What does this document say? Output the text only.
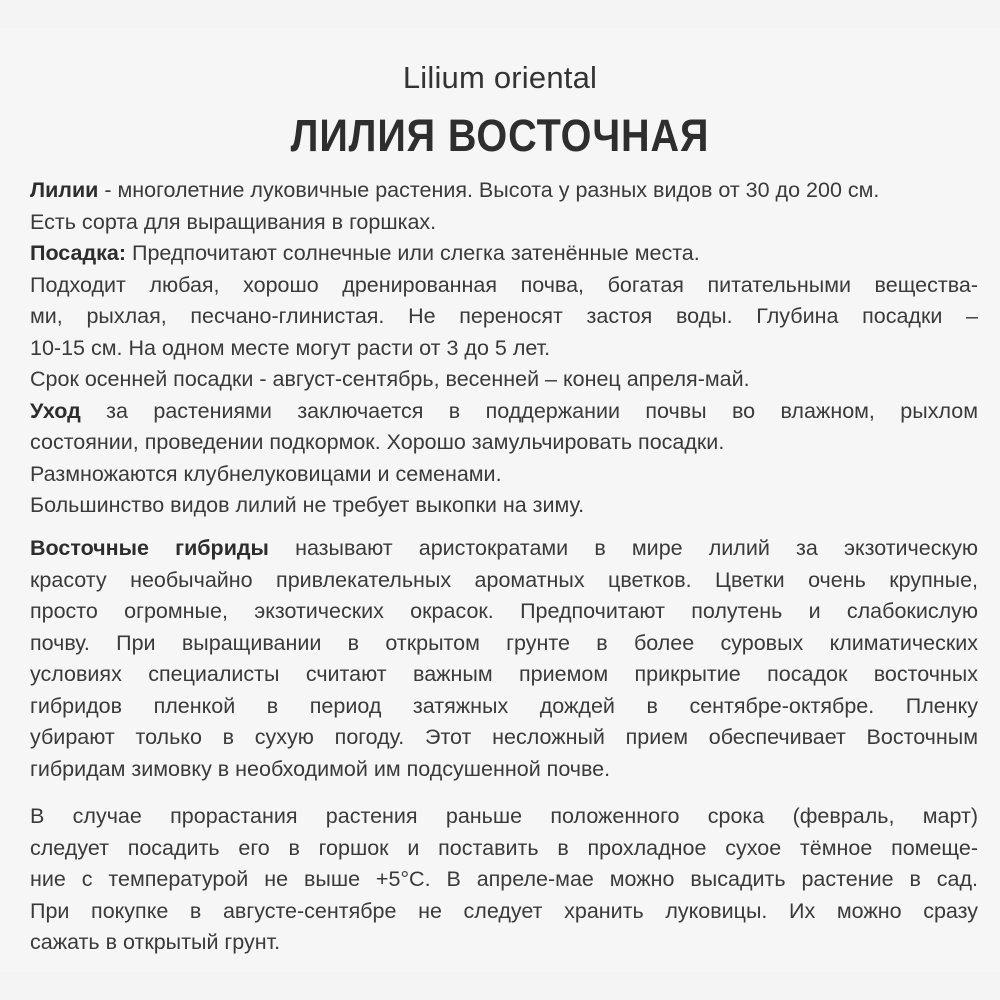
Lilium oriental
ЛИЛИЯ ВОСТОЧНАЯ
Лилии - многолетние луковичные растения. Высота у разных видов от 30 до 200 см.
Есть сорта для выращивания в горшках.
Посадка: Предпочитают солнечные или слегка затенённые места.
Подходит любая, хорошо дренированная почва, богатая питательными вещества-
ми, рыхлая, песчано-глинистая. Не переносят застоя воды. Глубина посадки –
10-15 см. На одном месте могут расти от 3 до 5 лет.
Срок осенней посадки - август-сентябрь, весенней – конец апреля-май.
Уход за растениями заключается в поддержании почвы во влажном, рыхлом
состоянии, проведении подкормок. Хорошо замульчировать посадки.
Размножаются клубнелуковицами и семенами.
Большинство видов лилий не требует выкопки на зиму.
Восточные гибриды называют аристократами в мире лилий за экзотическую
красоту необычайно привлекательных ароматных цветков. Цветки очень крупные,
просто огромные, экзотических окрасок. Предпочитают полутень и слабокислую
почву. При выращивании в открытом грунте в более суровых климатических
условиях специалисты считают важным приемом прикрытие посадок восточных
гибридов пленкой в период затяжных дождей в сентябре-октябре. Пленку
убирают только в сухую погоду. Этот несложный прием обеспечивает Восточным
гибридам зимовку в необходимой им подсушенной почве.
В случае прорастания растения раньше положенного срока (февраль, март)
следует посадить его в горшок и поставить в прохладное сухое тёмное помеще-
ние с температурой не выше +5°С. В апреле-мае можно высадить растение в сад.
При покупке в августе-сентябре не следует хранить луковицы. Их можно сразу
сажать в открытый грунт.
